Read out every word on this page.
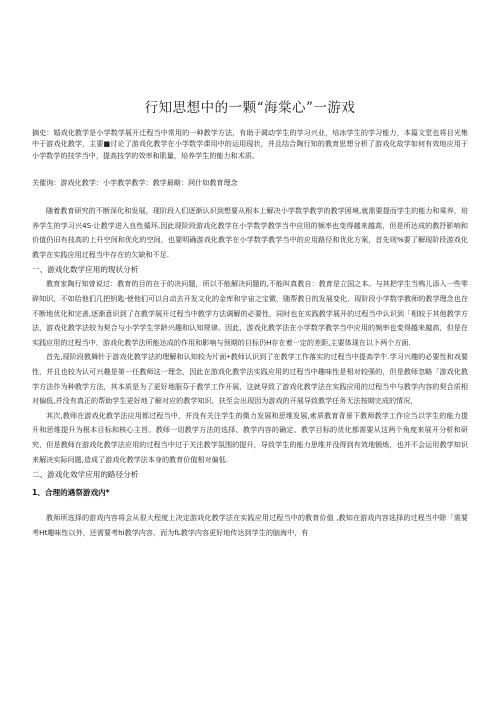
行知思想中的一颗“海棠心”一游戏
摘史：婚戏化教学是小学数学展开迁程当中常用的一种教学方法，有助于调动学生的学习兴业，培冰学生的学习能力，本篇文堂也将目光集中于游戏化教学，主要■讨论了游戏化教学在小学数学课用中的运用现状，并且结合陶行知的教育思想分析了游戏化故学如何有效地应用于小学数学的技学当中，提高技学的效率和肌量，培养学生的能力和术质。
关催询：游戏化教学：小学教学教学：教学最略：网什如教育理念

随着教育研究的不断深化和发展，现阶段人们逐渐认识到想要从根本上解决小学数学教学的教学困境,就需要提而学生的能力和乘养，培养学生的学习兴4S·让教学进入良性循环,因此现阶段游戏化教学在小学数学教学当中应用的频率也变得越来越高，但是所达成的教抒影响和价值仍旧有技高的上升空间和优化的空间，也要明确游戏化教学在小学数学教学当中的应用路径和优化方案，首先则%要了解现阶段游戏化教学在实践应用过程当中存在的欠缺和不足.

一、游戏化数学应用的现状分析

教育家陶行知曾说过：教育的目的在于的决问题，所以不能解决问题的,不能叫真教自：教育是立国之本。与其把学生当鸭儿添入一些零碎知识，不如给他们几把钥匙·使他们可以自动去开发文化的金库和宇宙之宝微，随帮教日的发展变化，现阶段小学数学教师的教学理念也在不断地优化和完善,逐渐意识到了在教学展开过程当中教学方法调解的必要性，同时也在实践教学展开的过程当中认识到「相较于其他教学方法，游戏化教学法较为契合与小学学生学龄兴趣和认知规律。因此，游戏化教学法在小学数学教学当中应用的频率也变得越来越高，但是在实践应用的过程当中，游戏化教学法所能达成的作用和影响与预期的目标仍H存在着一定的差距,主要体现在以卜两个方面.

首先,现阶段教舞针于游戏化教学法的理解和认知较为片面•教师认识到了在教学工作落实的过程当中提高学牛.学习兴趣的必要性和戏要性，并且也较为认可兴趣是第一任教师这一理念，因此在游戏化教学法实践应用的过程当中趣味性是相对较强的，但是教师忽略「游戏化教学方法作为种教学方法，其本质是为了更好地服芬于教学工作开展，这就导致了游戏化教学法在实践应用的过程当中与教学内容的契合质相对偏低,并没有真正的帮助学生更好地了解对应的教学知识，扶至会出现因为游戏的开展导致教学任务无法按期完成的情况，

其次,教师在游戏化教学法应用都过程当中，并没有关注学生的微力发展和思维发展,索质教育背景下教师教学工作应当以学生的能力提升和思维提升为根本目标和核心主旨。教师一切教学方法的选择、教学内容的确定、教学目标的优化都需要从这两个角度来展开分析和研究，但是教师在游戏化教学法应用的过程当中过于关注教学氛围的提升，导致学生的能力思维并没得到有效地锻炼，也并不会运用教学知识来解决实际问题,造成了游戏化教学法本身的教育价值相对偏低.

二、游戏化效学应用的路径分析
1、合理的遇祭游戏内*

教师所选择的游戏内容将会从很大程度上决定游戏化教学法在实践应用过程当中的教育价值 ,教知在游戏内容选择的过程当中除「需要考Ht趣味性以外，还需要考hi教学内容，而为fL教学内容更好地传达到学生的脑海中，有
